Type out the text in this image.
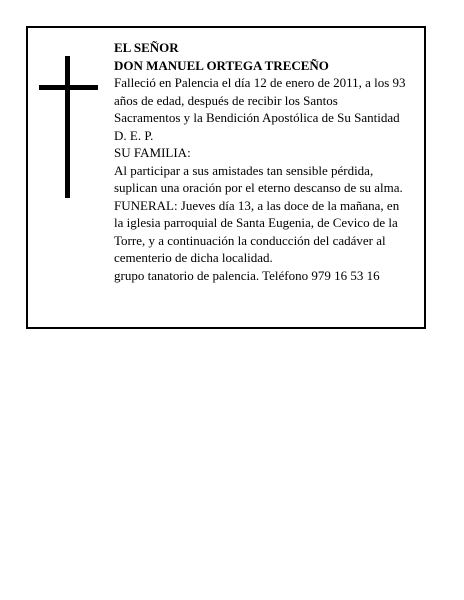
EL SEÑOR
DON MANUEL ORTEGA TRECEÑO
Falleció en Palencia el día 12 de enero de 2011, a los 93
años de edad, después de recibir los Santos
Sacramentos y la Bendición Apostólica de Su Santidad
D. E. P.
SU FAMILIA:
Al participar a sus amistades tan sensible pérdida,
suplican una oración por el eterno descanso de su alma.
FUNERAL: Jueves día 13, a las doce de la mañana, en
la iglesia parroquial de Santa Eugenia, de Cevico de la
Torre, y a continuación la conducción del cadáver al
cementerio de dicha localidad.
grupo tanatorio de palencia. Teléfono 979 16 53 16
